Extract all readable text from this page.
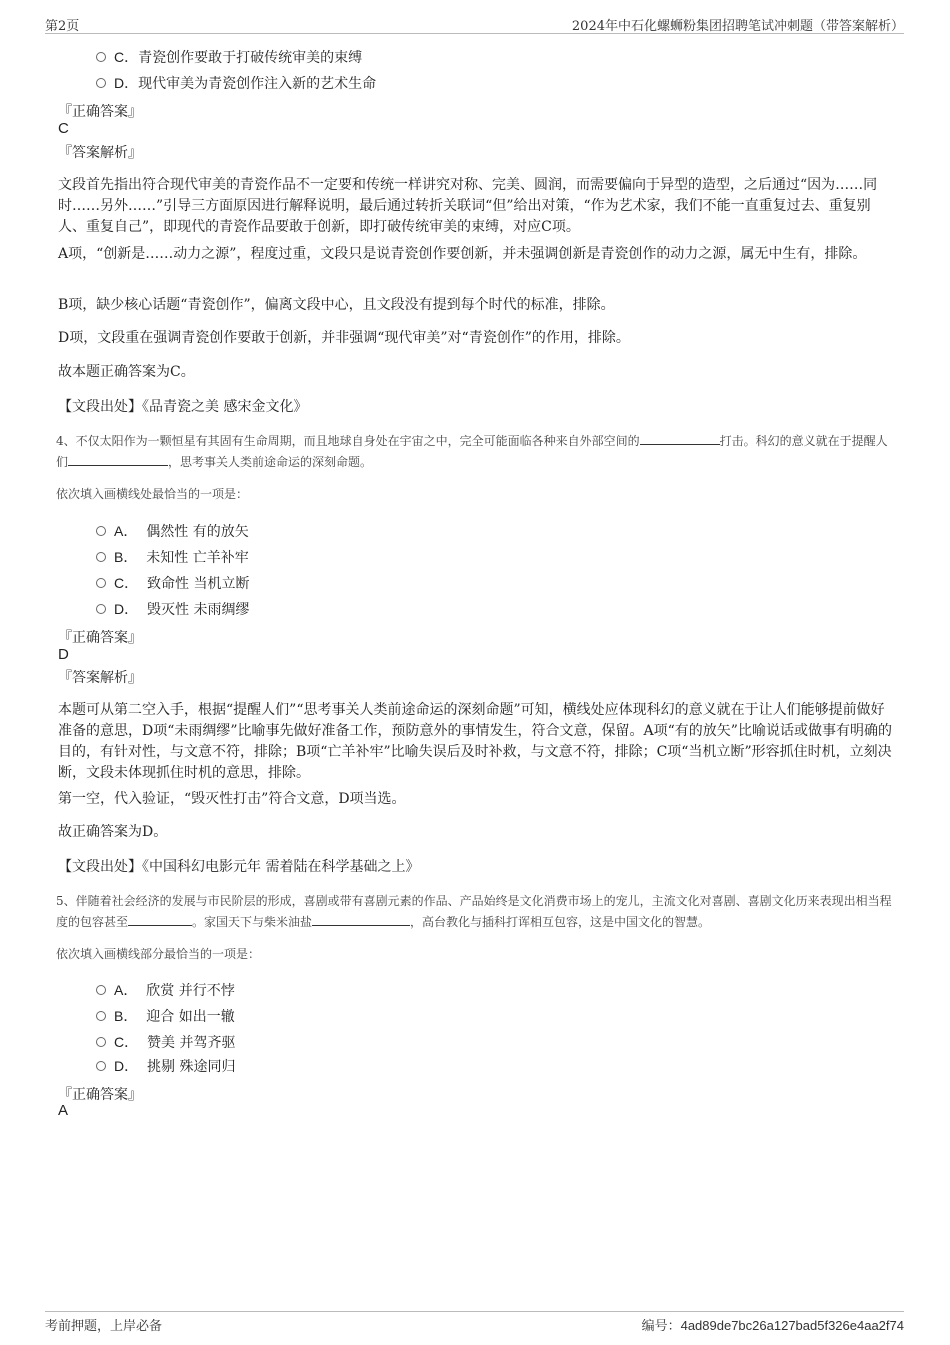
第2页	2024年中石化螺蛳粉集团招聘笔试冲刺题（带答案解析）
C．青瓷创作要敢于打破传统审美的束缚
D．现代审美为青瓷创作注入新的艺术生命
『正确答案』
C
『答案解析』
文段首先指出符合现代审美的青瓷作品不一定要和传统一样讲究对称、完美、圆润，而需要偏向于异型的造型，之后通过“因为……同时……另外……”引导三方面原因进行解释说明，最后通过转折关联词“但”给出对策，“作为艺术家，我们不能一直重复过去、重复别人、重复自己”，即现代的青瓷作品要敢于创新，即打破传统审美的束缚，对应C项。
A项，“创新是……动力之源”，程度过重，文段只是说青瓷创作要创新，并未强调创新是青瓷创作的动力之源，属无中生有，排除。
B项，缺少核心话题“青瓷创作”，偏离文段中心，且文段没有提到每个时代的标准，排除。
D项，文段重在强调青瓷创作要敢于创新，并非强调“现代审美”对“青瓷创作”的作用，排除。
故本题正确答案为C。
【文段出处】《品青瓷之美 感宋金文化》
4、不仅太阳作为一颗恒星有其固有生命周期，而且地球自身处在宇宙之中，完全可能面临各种来自外部空间的	打击。科幻的意义就在于提醒人们	，思考事关人类前途命运的深刻命题。
依次填入画横线处最恰当的一项是：
A． 偶然性 有的放矢
B． 未知性 亡羊补牢
C． 致命性 当机立断
D． 毁灭性 未雨绸缪
『正确答案』
D
『答案解析』
本题可从第二空入手，根据“提醒人们”“思考事关人类前途命运的深刻命题”可知，横线处应体现科幻的意义就在于让人们能够提前做好准备的意思，D项“未雨绸缪”比喻事先做好准备工作，预防意外的事情发生，符合文意，保留。A项“有的放矢”比喻说话或做事有明确的目的，有针对性，与文意不符，排除；B项“亡羊补牢”比喻失误后及时补救，与文意不符，排除；C项“当机立断”形容抓住时机，立刻决断，文段未体现抓住时机的意思，排除。
第一空，代入验证，“毁灭性打击”符合文意，D项当选。
故正确答案为D。
【文段出处】《中国科幻电影元年 需着陆在科学基础之上》
5、伴随着社会经济的发展与市民阶层的形成，喜剧或带有喜剧元素的作品、产品始终是文化消费市场上的宠儿，主流文化对喜剧、喜剧文化历来表现出相当程度的包容甚至	。家国天下与柴米油盐	，高台教化与插科打诨相互包容，这是中国文化的智慧。
依次填入画横线部分最恰当的一项是：
A． 欣赏 并行不悖
B． 迎合 如出一辙
C． 赞美 并驾齐驱
D． 挑剔 殊途同归
『正确答案』
A
考前押题，上岸必备	编号：4ad89de7bc26a127bad5f326e4aa2f74
